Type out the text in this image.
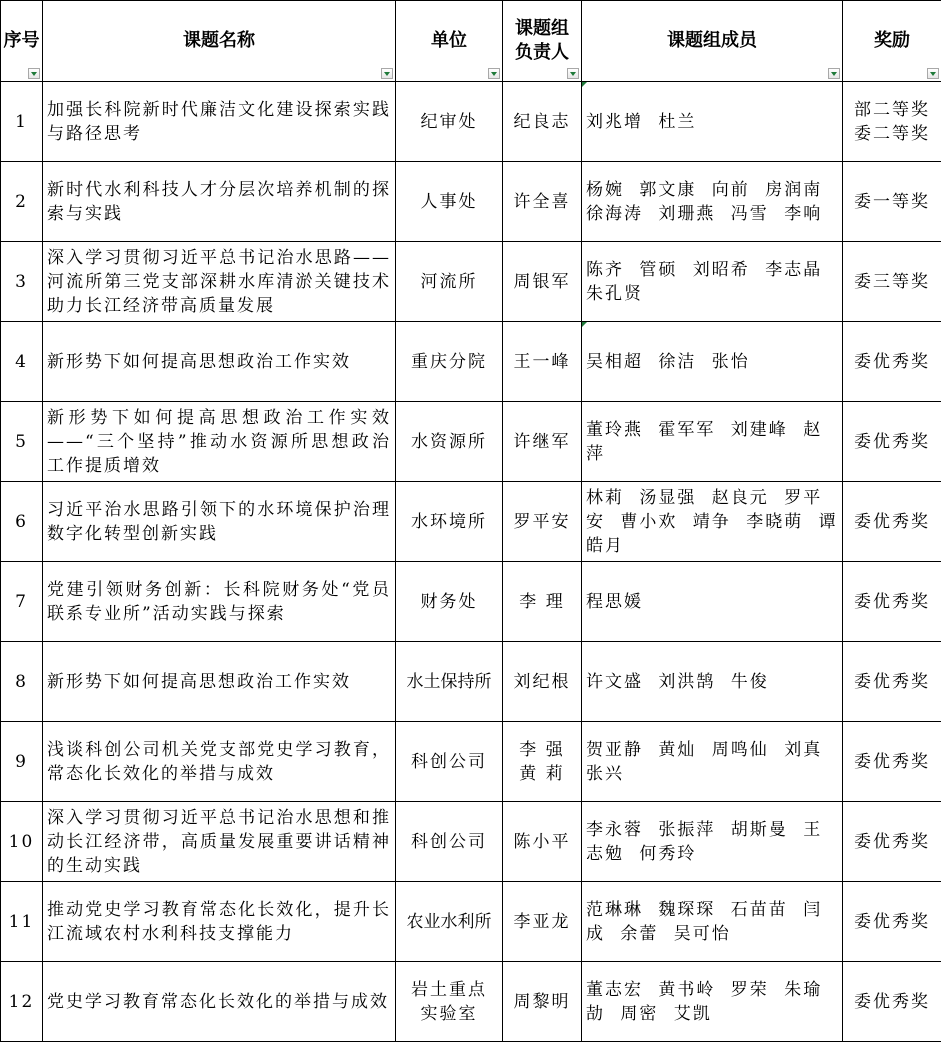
序号	课题名称	单位	课题组负责人	课题组成员	奖励

1	加强长科院新时代廉洁文化建设探索实践与路径思考	纪审处	纪良志	刘兆增 杜兰	部二等奖 委二等奖
2	新时代水利科技人才分层次培养机制的探索与实践	人事处	许全喜	杨婉 郭文康 向前 房润南 徐海涛 刘珊燕 冯雪 李响	委一等奖
3	深入学习贯彻习近平总书记治水思路——河流所第三党支部深耕水库清淤关键技术 助力长江经济带高质量发展	河流所	周银军	陈齐 管硕 刘昭希 李志晶 朱孔贤	委三等奖
4	新形势下如何提高思想政治工作实效	重庆分院	王一峰	吴相超 徐洁 张怡	委优秀奖
5	新形势下如何提高思想政治工作实效——“三个坚持”推动水资源所思想政治工作提质增效	水资源所	许继军	董玲燕 霍军军 刘建峰 赵萍	委优秀奖
6	习近平治水思路引领下的水环境保护治理数字化转型创新实践	水环境所	罗平安	林莉 汤显强 赵良元 罗平安 曹小欢 靖争 李晓萌 谭皓月	委优秀奖
7	党建引领财务创新：长科院财务处“党员联系专业所”活动实践与探索	财务处	李 理	程思媛	委优秀奖
8	新形势下如何提高思想政治工作实效	水土保持所	刘纪根	许文盛 刘洪鹄 牛俊	委优秀奖
9	浅谈科创公司机关党支部党史学习教育，常态化长效化的举措与成效	科创公司	李 强 黄 莉	贺亚静 黄灿 周鸣仙 刘真 张兴	委优秀奖
10	深入学习贯彻习近平总书记治水思想和推动长江经济带，高质量发展重要讲话精神的生动实践	科创公司	陈小平	李永蓉 张振萍 胡斯曼 王志勉 何秀玲	委优秀奖
11	推动党史学习教育常态化长效化，提升长江流域农村水利科技支撑能力	农业水利所	李亚龙	范琳琳 魏琛琛 石苗苗 闫成 余蕾 吴可怡	委优秀奖
12	党史学习教育常态化长效化的举措与成效	岩土重点实验室	周黎明	董志宏 黄书岭 罗荣 朱瑜劼 周密 艾凯	委优秀奖
